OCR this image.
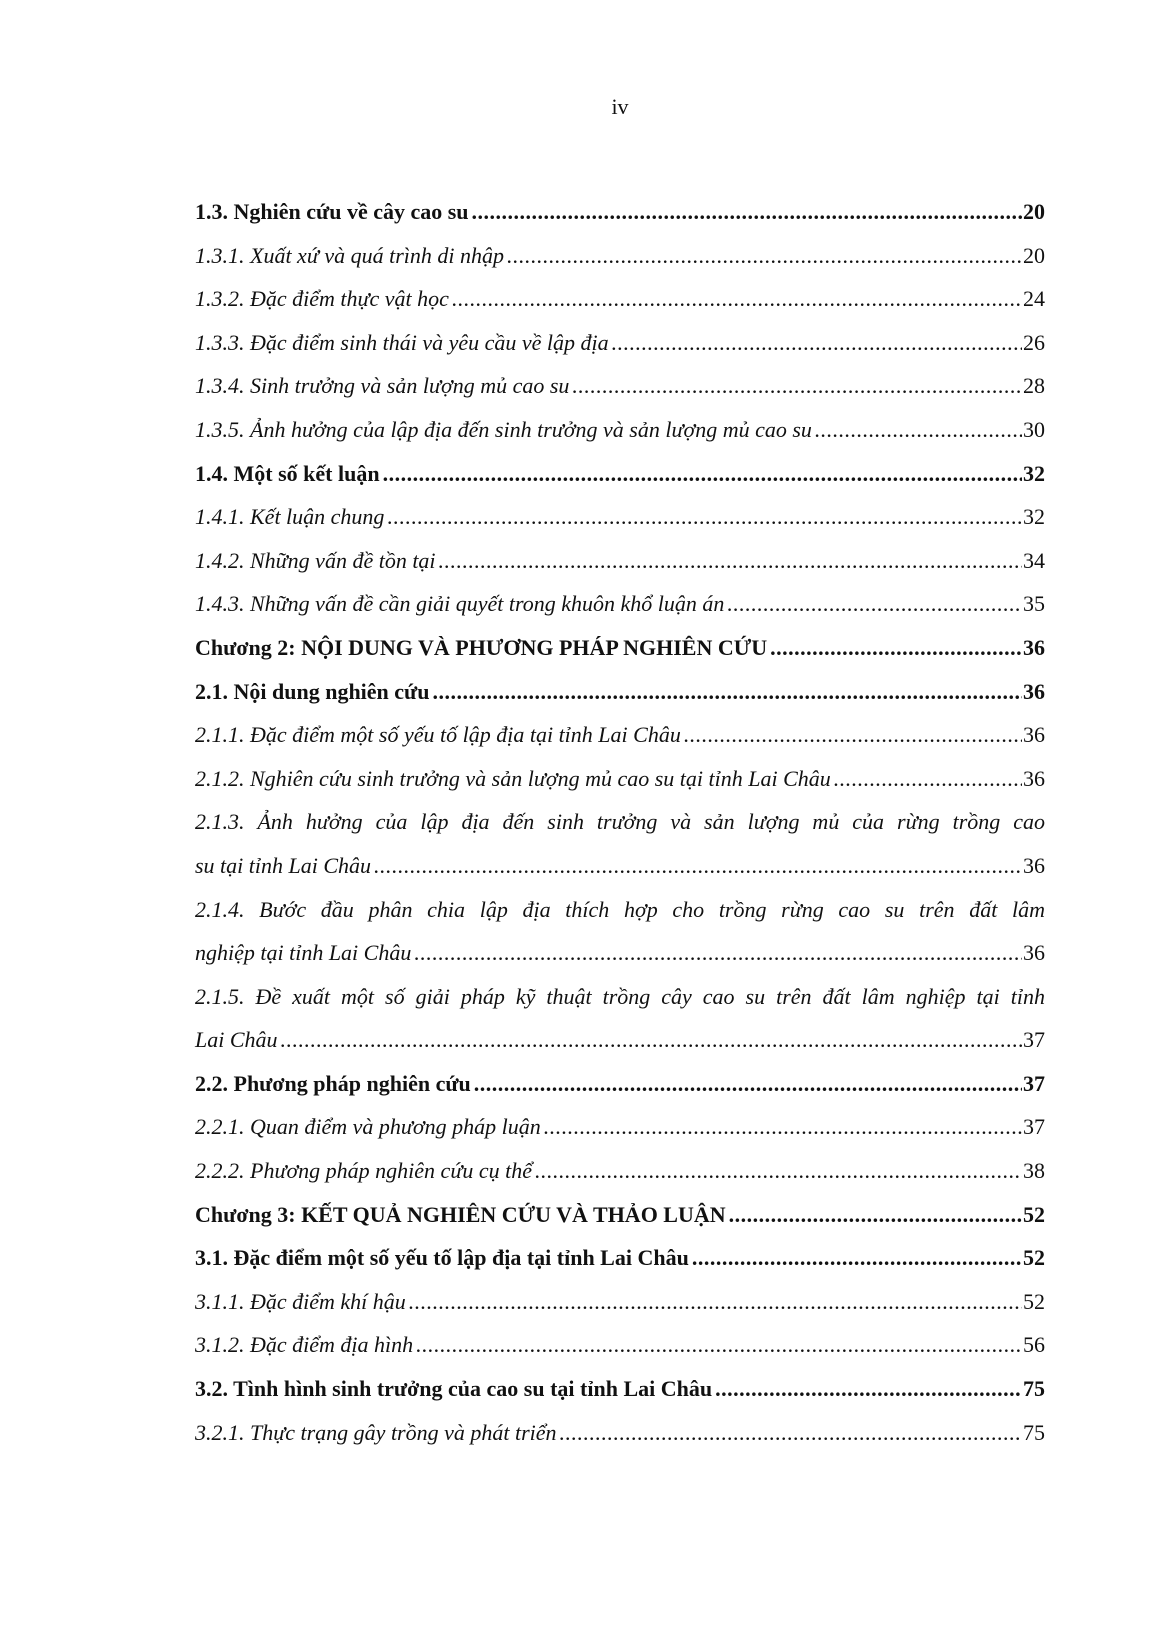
iv
1.3. Nghiên cứu về cây cao su .....	20
1.3.1. Xuất xứ và quá trình di nhập .....	20
1.3.2. Đặc điểm thực vật học .....	24
1.3.3. Đặc điểm sinh thái và yêu cầu về lập địa .....	26
1.3.4. Sinh trưởng và sản lượng mủ cao su .....	28
1.3.5. Ảnh hưởng của lập địa đến sinh trưởng và sản lượng mủ cao su .....	30
1.4. Một số kết luận .....	32
1.4.1. Kết luận chung .....	32
1.4.2. Những vấn đề tồn tại .....	34
1.4.3. Những vấn đề cần giải quyết trong khuôn khổ luận án .....	35
Chương 2: NỘI DUNG VÀ PHƯƠNG PHÁP NGHIÊN CỨU .....	36
2.1. Nội dung nghiên cứu .....	36
2.1.1. Đặc điểm một số yếu tố lập địa tại tỉnh Lai Châu .....	36
2.1.2. Nghiên cứu sinh trưởng và sản lượng mủ cao su tại tỉnh Lai Châu .....	36
2.1.3. Ảnh hưởng của lập địa đến sinh trưởng và sản lượng mủ của rừng trồng cao
su tại tỉnh Lai Châu .....	36
2.1.4. Bước đầu phân chia lập địa thích hợp cho trồng rừng cao su trên đất lâm
nghiệp tại tỉnh Lai Châu .....	36
2.1.5. Đề xuất một số giải pháp kỹ thuật trồng cây cao su trên đất lâm nghiệp tại tỉnh
Lai Châu .....	37
2.2. Phương pháp nghiên cứu .....	37
2.2.1. Quan điểm và phương pháp luận .....	37
2.2.2. Phương pháp nghiên cứu cụ thể .....	38
Chương 3: KẾT QUẢ NGHIÊN CỨU VÀ THẢO LUẬN .....	52
3.1. Đặc điểm một số yếu tố lập địa tại tỉnh Lai Châu .....	52
3.1.1. Đặc điểm khí hậu .....	52
3.1.2. Đặc điểm địa hình .....	56
3.2. Tình hình sinh trưởng của cao su tại tỉnh Lai Châu .....	75
3.2.1. Thực trạng gây trồng và phát triển .....	75
